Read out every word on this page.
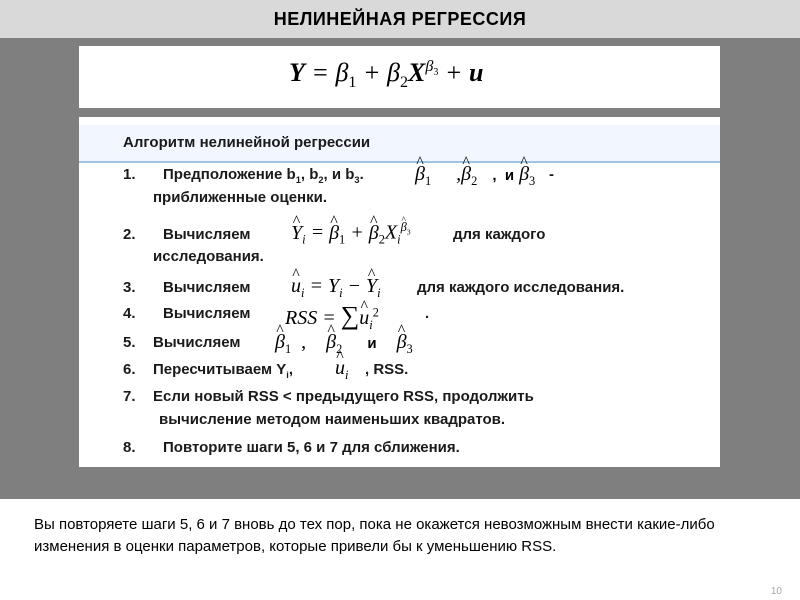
НЕЛИНЕЙНАЯ РЕГРЕССИЯ
$Y = \beta_1 + \beta_2X^{\beta_3} + u$
Алгоритм нелинейной регрессии
1. Предположение $b_1$, $b_2$, и $b_3$.	^ $\beta_1$     ,^ $\beta_2$ ,  и ^ $\beta_3$ -
приближенные оценки.
2. Вычисляем ^ $Y_i$ = ^ $\beta_1$ + ^ $\beta_2X_i\^{}$ $^{\beta_3}$	для каждого
исследования.
3. Вычисляем ^ $u_i = Y_i$ − ^ $Y_i$ для каждого исследования.
4. Вычисляем RSS = ∑^ $u_i^2$	.
5. Вычисляем ^ $\beta_1$ , ^ $\beta_2$ и ^ $\beta_3$
6. Пересчитываем $Y_i$, ^ $u_i$ , RSS.
7. Если новый RSS < предыдущего RSS, продолжить
вычисление методом наименьших квадратов.
8. Повторите шаги 5, 6 и 7 для сближения.
Вы повторяете шаги 5, 6 и 7 вновь до тех пор, пока не окажется невозможным внести какие-либо изменения в оценки параметров, которые привели бы к уменьшению RSS.
10
